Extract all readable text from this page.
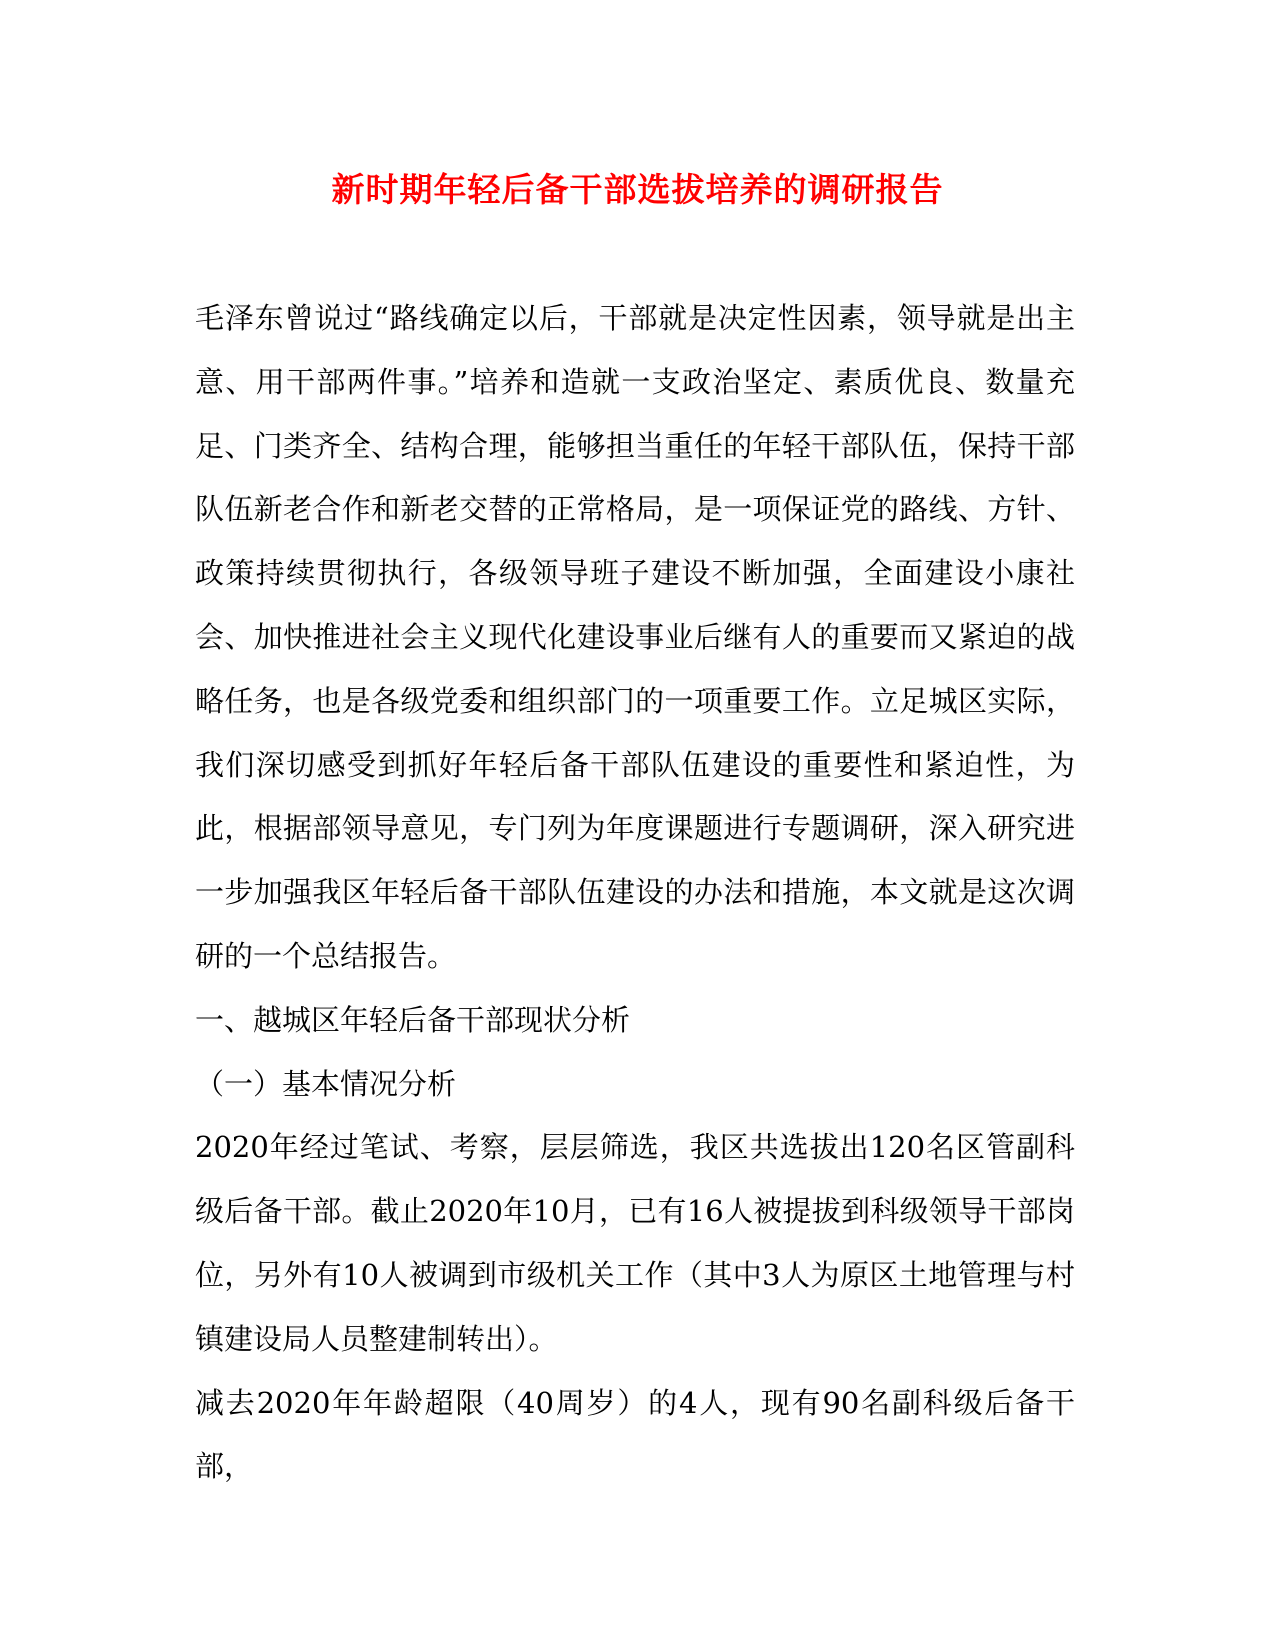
新时期年轻后备干部选拔培养的调研报告

毛泽东曾说过“路线确定以后，干部就是决定性因素，领导就是出主意、用干部两件事。”培养和造就一支政治坚定、素质优良、数量充足、门类齐全、结构合理，能够担当重任的年轻干部队伍，保持干部队伍新老合作和新老交替的正常格局，是一项保证党的路线、方针、政策持续贯彻执行，各级领导班子建设不断加强，全面建设小康社会、加快推进社会主义现代化建设事业后继有人的重要而又紧迫的战略任务，也是各级党委和组织部门的一项重要工作。立足城区实际，我们深切感受到抓好年轻后备干部队伍建设的重要性和紧迫性，为此，根据部领导意见，专门列为年度课题进行专题调研，深入研究进一步加强我区年轻后备干部队伍建设的办法和措施，本文就是这次调研的一个总结报告。

一、越城区年轻后备干部现状分析

（一）基本情况分析

2020年经过笔试、考察，层层筛选，我区共选拔出120名区管副科级后备干部。截止2020年10月，已有16人被提拔到科级领导干部岗位，另外有10人被调到市级机关工作（其中3人为原区土地管理与村镇建设局人员整建制转出）。

减去2020年年龄超限（40周岁）的4人，现有90名副科级后备干部，
